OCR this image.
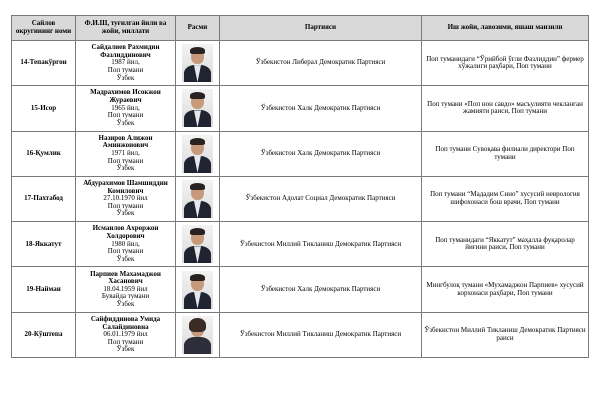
Сайлов округининг номи	Ф.И.Ш, туғилган йили ва жойи, миллати	Расми	Партияси	Иш жойи, лавозими, яшаш манзили
14-Тепакўргон	Сайдалиев Рахмидин Фазлиддинович
1987 йил,
Поп тумани
Ўзбек		Ўзбекистон Либерал Демократик Партияси	Поп туманидаги “Ўрийбой ўғли Фазлиддин” фермер хўжалиги раҳбари, Поп тумани
15-Исор	Мадрахимов Исокжон Жураевич
1965 йил,
Поп тумани
Ўзбек		Ўзбекистон Халк Демократик Партияси	Поп тумани «Поп нон савдо» масъулияти чекланган жамияти раиси, Поп тумани
16-Қумлик	Назиров Алижон Аминжонович
1971 йил,
Поп тумани
Ўзбек		Ўзбекистон Халк Демократик Партияси	Поп тумани Сувоқава филиали директори Поп тумани
17-Пахтабод	Абдурахимов Шамшиддин Комилович
27.10.1970 йил
Поп тумани
Ўзбек		Ўзбекистон Адолат Социал Демократик Партияси	Поп тумани “Мададим Сино” хусусий неврология шифохонаси бош врачи, Поп тумани
18-Яккатут	Исмаилов Ахроржон Холдорович
1980 йил,
Поп тумани
Ўзбек		Ўзбекистон Миллий Тикланиш Демократик Партияси	Поп туманидаги “Яккатут” маҳалла фуқаролар йиғини раиси, Поп тумани
19-Найман	Парпиев Махамаджон Хасанович
18.04.1959 йил
Бувайда тумани
Ўзбек		Ўзбекистон Халк Демократик Партияси	Мингбулоқ тумани «Мухамаджон Парпиев» хусусий корхонаси раҳбари, Поп тумани
20-Кўштепа	Сайфиддинова Умида Салайдиновна
06.01.1979 йил
Поп тумани
Ўзбек		Ўзбекистон Миллий Тикланиш Демократик Партияси	Ўзбекистон Миллий Тикланиш Демократик Партияси раиси
